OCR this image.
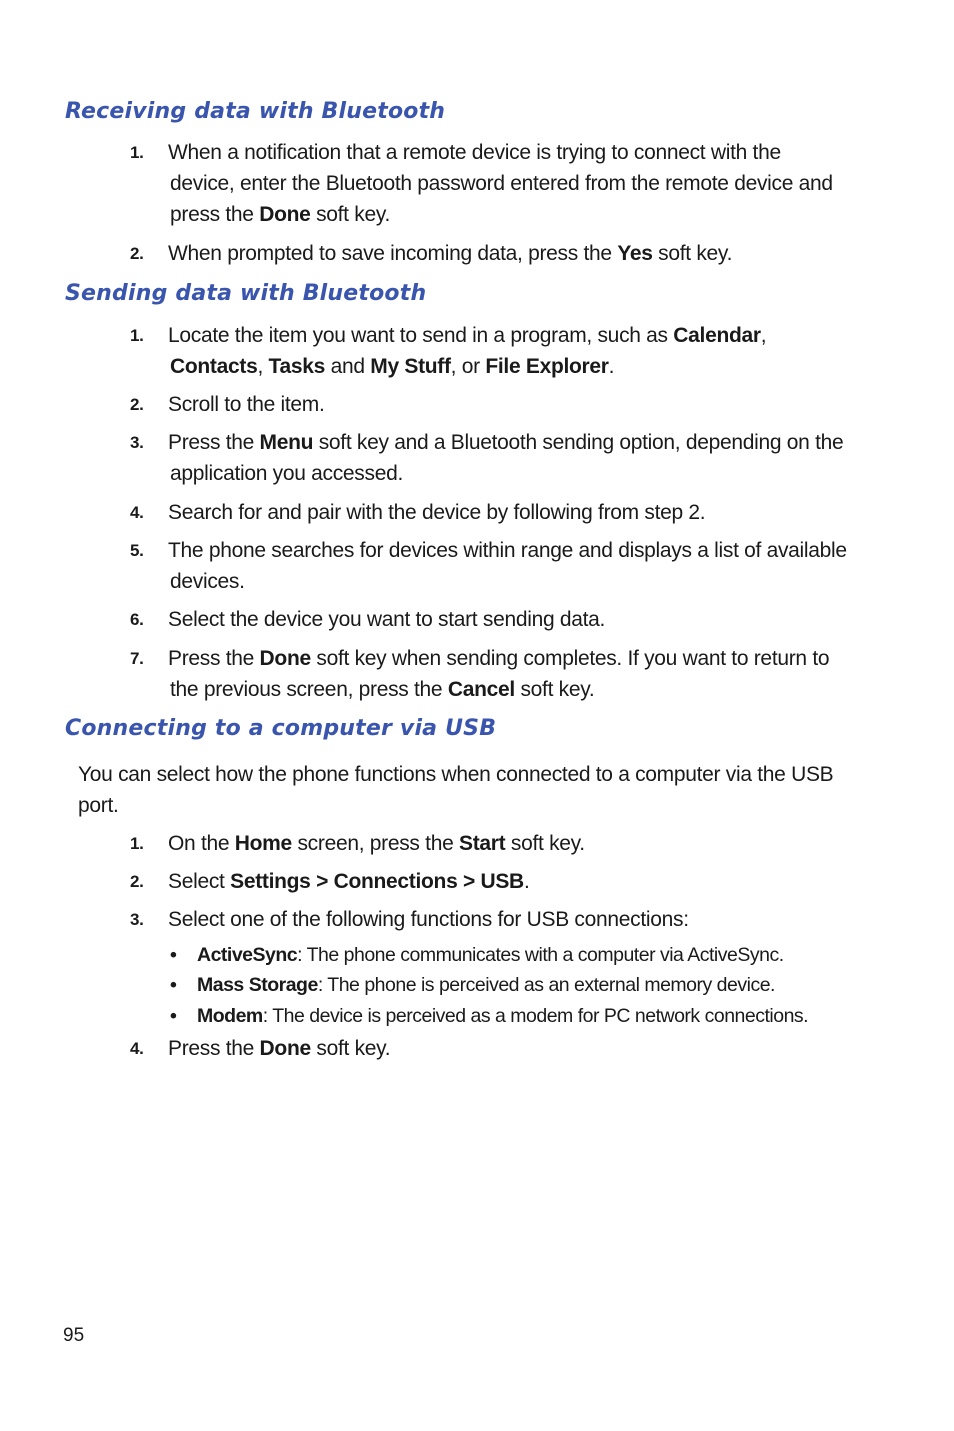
Receiving data with Bluetooth
1. When a notification that a remote device is trying to connect with the
device, enter the Bluetooth password entered from the remote device and
press the Done soft key.
2. When prompted to save incoming data, press the Yes soft key.
Sending data with Bluetooth
1. Locate the item you want to send in a program, such as Calendar,
Contacts, Tasks and My Stuff, or File Explorer.
2. Scroll to the item.
3. Press the Menu soft key and a Bluetooth sending option, depending on the
application you accessed.
4. Search for and pair with the device by following from step 2.
5. The phone searches for devices within range and displays a list of available
devices.
6. Select the device you want to start sending data.
7. Press the Done soft key when sending completes. If you want to return to
the previous screen, press the Cancel soft key.
Connecting to a computer via USB
You can select how the phone functions when connected to a computer via the USB
port.
1. On the Home screen, press the Start soft key.
2. Select Settings > Connections > USB.
3. Select one of the following functions for USB connections:
• ActiveSync: The phone communicates with a computer via ActiveSync.
• Mass Storage: The phone is perceived as an external memory device.
• Modem: The device is perceived as a modem for PC network connections.
4. Press the Done soft key.
95
